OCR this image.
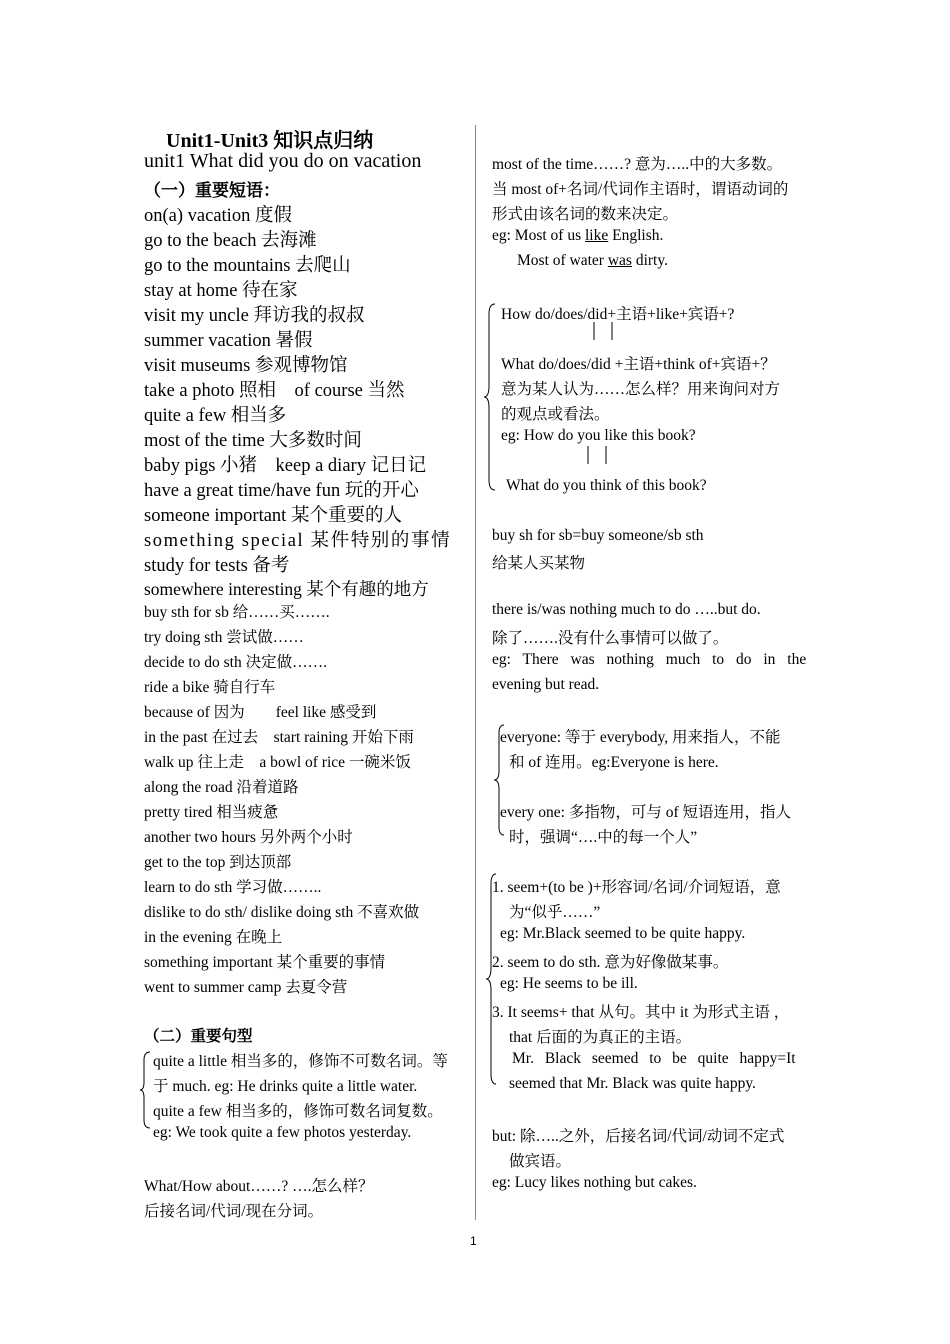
Unit1-Unit3 知识点归纳
unit1 What did you do on vacation
（一）重要短语：
on(a) vacation 度假
go to the beach 去海滩
go to the mountains 去爬山
stay at home 待在家
visit my uncle 拜访我的叔叔
summer vacation 暑假
visit museums 参观博物馆
take a photo 照相　of course 当然
quite a few 相当多
most of the time 大多数时间
baby pigs 小猪　keep a diary 记日记
have a great time/have fun 玩的开心
someone important 某个重要的人
something special 某件特别的事情
study for tests 备考
somewhere interesting 某个有趣的地方
buy sth for sb 给……买…….
try doing sth 尝试做……
decide to do sth 决定做…….
ride a bike 骑自行车
because of 因为　　feel like 感受到
in the past 在过去　start raining 开始下雨
walk up 往上走　a bowl of rice 一碗米饭
along the road 沿着道路
pretty tired 相当疲惫
another two hours 另外两个小时
get to the top 到达顶部
learn to do sth 学习做……..
dislike to do sth/ dislike doing sth 不喜欢做
in the evening 在晚上
something important 某个重要的事情
went to summer camp 去夏令营
（二）重要句型
quite a little 相当多的，修饰不可数名词。等
于 much. eg: He drinks quite a little water.
quite a few 相当多的，修饰可数名词复数。
eg: We took quite a few photos yesterday.
What/How about……? ….怎么样？
后接名词/代词/现在分词。
most of the time……? 意为…..中的大多数。
当 most of+名词/代词作主语时，谓语动词的
形式由该名词的数来决定。
eg: Most of us like English.
Most of water was dirty.
How do/does/did+主语+like+宾语+?
What do/does/did +主语+think of+宾语+？
意为某人认为……怎么样？用来询问对方
的观点或看法。
eg: How do you like this book?
What do you think of this book?
buy sh for sb=buy someone/sb sth
给某人买某物
there is/was nothing much to do …..but do.
除了…….没有什么事情可以做了。
eg: There was nothing much to do in the
evening but read.
everyone: 等于 everybody, 用来指人，不能
和 of 连用。eg:Everyone is here.
every one: 多指物，可与 of 短语连用，指人
时，强调“….中的每一个人”
1. seem+(to be )+形容词/名词/介词短语，意
为“似乎……”
eg: Mr.Black seemed to be quite happy.
2. seem to do sth. 意为好像做某事。
eg: He seems to be ill.
3. It seems+ that 从句。其中 it 为形式主语 ，
that 后面的为真正的主语。
Mr. Black seemed to be quite happy=It
seemed that Mr. Black was quite happy.
but: 除…..之外，后接名词/代词/动词不定式
做宾语。
eg: Lucy likes nothing but cakes.
1
